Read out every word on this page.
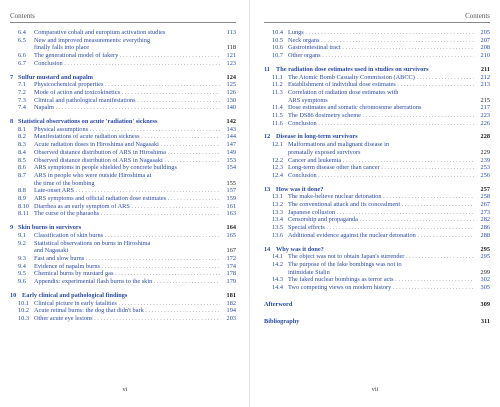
Contents
6.4	Comparative cobalt and europium activation studies	113
6.5	New and improved measurements: everything
finally falls into place	118
6.6	The generational model of fakery . . .	121
6.7	Conclusion . . .	123
7 Sulfur mustard and napalm	124
7.1	Physicochemical properties . . .	125
7.2	Mode of action and toxicokinetics . . .	126
7.3	Clinical and pathological manifestations . . .	130
7.4	Napalm . . .	140
8 Statistical observations on acute 'radiation' sickness	142
8.1	Physical assumptions . . .	143
8.2	Manifestations of acute radiation sickness . . .	144
8.3	Acute radiation doses in Hiroshima and Nagasaki . . .	147
8.4	Observed distance distribution of ARS in Hiroshima . . .	149
8.5	Observed distance distribution of ARS in Nagasaki . . .	153
8.6	ARS symptoms in people shielded by concrete buildings	154
8.7	ARS in people who were outside Hiroshima at
the time of the bombing	155
8.8	Late-onset ARS . . .	157
8.9	ARS symptoms and official radiation dose estimates . . .	159
8.10 Diarrhea as an early symptom of ARS . . .	161
8.11 The curse of the pharaohs . . .	163
9 Skin burns in survivors	164
9.1	Classification of skin burns . . .	165
9.2	Statistical observations on burns in Hiroshima
and Nagasaki	167
9.3	Fast and slow burns . . .	172
9.4	Evidence of napalm burns . . .	174
9.5	Chemical burns by mustard gas . . .	178
9.6	Appendix: experimental flash burns to the skin . . .	179
10 Early clinical and pathological findings	181
10.1 Clinical picture in early fatalities . . .	182
10.2 Acute retinal burns: the dog that didn't bark . . .	194
10.3 Other acute eye lesions . . .	203
vi
Contents
10.4 Lungs . . .	205
10.5 Neck organs . . .	207
10.6 Gastrointestinal tract . . .	208
10.7 Other organs . . .	210
11 The radiation dose estimates used in studies on survivors	211
11.1 The Atomic Bomb Casualty Commission (ABCC) . . .	212
11.2 Establishment of individual dose estimates . . .	213
11.3 Correlation of radiation dose estimates with
ARS symptoms	215
11.4 Dose estimates and somatic chromosome aberrations	217
11.5 The DS86 dosimetry scheme . . .	223
11.6 Conclusion . . .	226
12 Disease in long-term survivors	228
12.1 Malformations and malignant disease in
prenatally exposed survivors	229
12.2 Cancer and leukemia . . .	239
12.3 Long-term disease other than cancer . . .	253
12.4 Conclusion . . .	256
13 How was it done?	257
13.1 The make-believe nuclear detonation . . .	258
13.2 The conventional attack and its concealment . . .	267
13.3 Japanese collusion . . .	273
13.4 Censorship and propaganda . . .	282
13.5 Special effects . . .	286
13.6 Additional evidence against the nuclear detonation . . .	288
14 Why was it done?	295
14.1 The object was not to obtain Japan's surrender . . .	295
14.2 The purpose of the fake bombings was not to
intimidate Stalin	299
14.3 The faked nuclear bombings as terror acts . . .	302
14.4 Two competing views on modern history . . .	305
Afterword	309
Bibliography	311
vii
